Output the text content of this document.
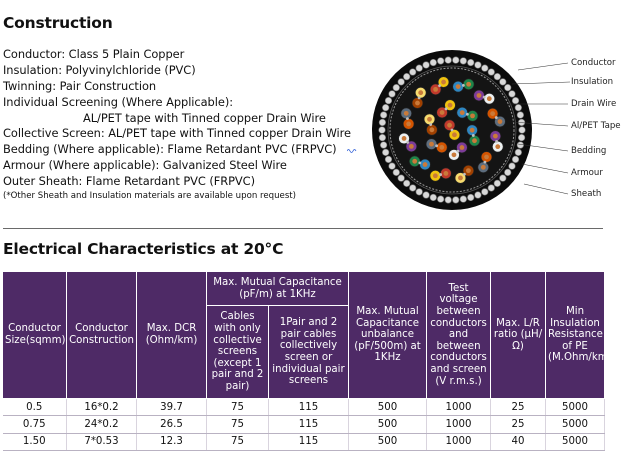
Construction
Conductor: Class 5 Plain Copper
Insulation: Polyvinylchloride (PVC)
Twinning: Pair Construction
Individual Screening (Where Applicable):
AL/PET tape with Tinned copper Drain Wire
Collective Screen: AL/PET tape with Tinned copper Drain Wire
Bedding (Where applicable): Flame Retardant PVC (FRPVC)
Armour (Where applicable): Galvanized Steel Wire
Outer Sheath: Flame Retardant PVC (FRPVC)
(*Other Sheath and Insulation materials are available upon request)
Conductor
Insulation
Drain Wire
Al/PET Tape
Bedding
Armour
Sheath
Electrical Characteristics at 20°C
Conductor Size(sqmm)	Conductor Construction	Max. DCR (Ohm/km)	Max. Mutual Capacitance (pF/m) at 1KHz		Max. Mutual Capacitance unbalance (pF/500m) at 1KHz	Test voltage between conductors and between conductors and screen (V r.m.s.)	Max. L/R ratio (µH/Ω)	Min Insulation Resistance of PE (M.Ohm/km)
			Cables with only collective screens (except 1 pair and 2 pair)	1Pair and 2 pair cables collectively screen or individual pair screens				
0.5	16*0.2	39.7	75	115	500	1000	25	5000
0.75	24*0.2	26.5	75	115	500	1000	25	5000
1.50	7*0.53	12.3	75	115	500	1000	40	5000
